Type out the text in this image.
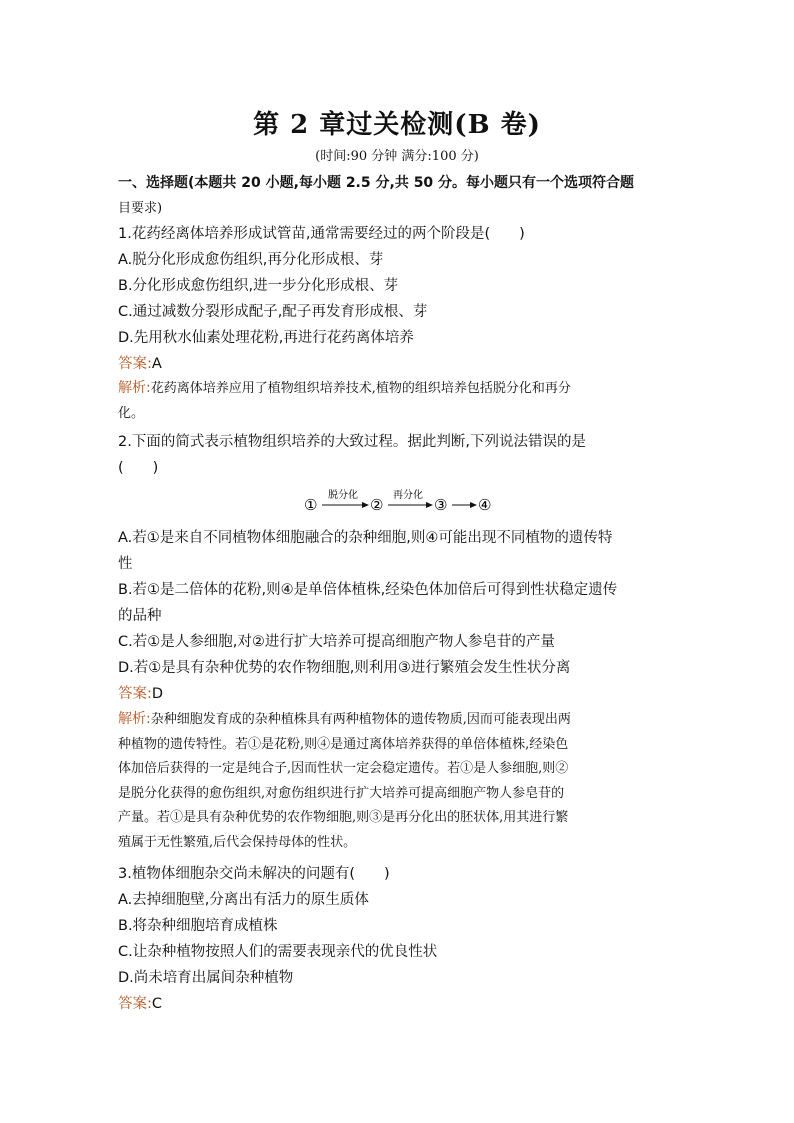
第 2 章过关检测(B 卷)
(时间:90 分钟 满分:100 分)
一、选择题(本题共 20 小题,每小题 2.5 分,共 50 分。每小题只有一个选项符合题
目要求)
1.花药经离体培养形成试管苗,通常需要经过的两个阶段是(　　)
A.脱分化形成愈伤组织,再分化形成根、芽
B.分化形成愈伤组织,进一步分化形成根、芽
C.通过减数分裂形成配子,配子再发育形成根、芽
D.先用秋水仙素处理花粉,再进行花药离体培养
答案:A
解析:花药离体培养应用了植物组织培养技术,植物的组织培养包括脱分化和再分
化。
2.下面的简式表示植物组织培养的大致过程。据此判断,下列说法错误的是
(　　)
①
脱分化
②
再分化
③ ④
A.若①是来自不同植物体细胞融合的杂种细胞,则④可能出现不同植物的遗传特
性
B.若①是二倍体的花粉,则④是单倍体植株,经染色体加倍后可得到性状稳定遗传
的品种
C.若①是人参细胞,对②进行扩大培养可提高细胞产物人参皂苷的产量
D.若①是具有杂种优势的农作物细胞,则利用③进行繁殖会发生性状分离
答案:D
解析:杂种细胞发育成的杂种植株具有两种植物体的遗传物质,因而可能表现出两
种植物的遗传特性。若①是花粉,则④是通过离体培养获得的单倍体植株,经染色
体加倍后获得的一定是纯合子,因而性状一定会稳定遗传。若①是人参细胞,则②
是脱分化获得的愈伤组织,对愈伤组织进行扩大培养可提高细胞产物人参皂苷的
产量。若①是具有杂种优势的农作物细胞,则③是再分化出的胚状体,用其进行繁
殖属于无性繁殖,后代会保持母体的性状。
3.植物体细胞杂交尚未解决的问题有(　　)
A.去掉细胞壁,分离出有活力的原生质体
B.将杂种细胞培育成植株
C.让杂种植物按照人们的需要表现亲代的优良性状
D.尚未培育出属间杂种植物
答案:C
